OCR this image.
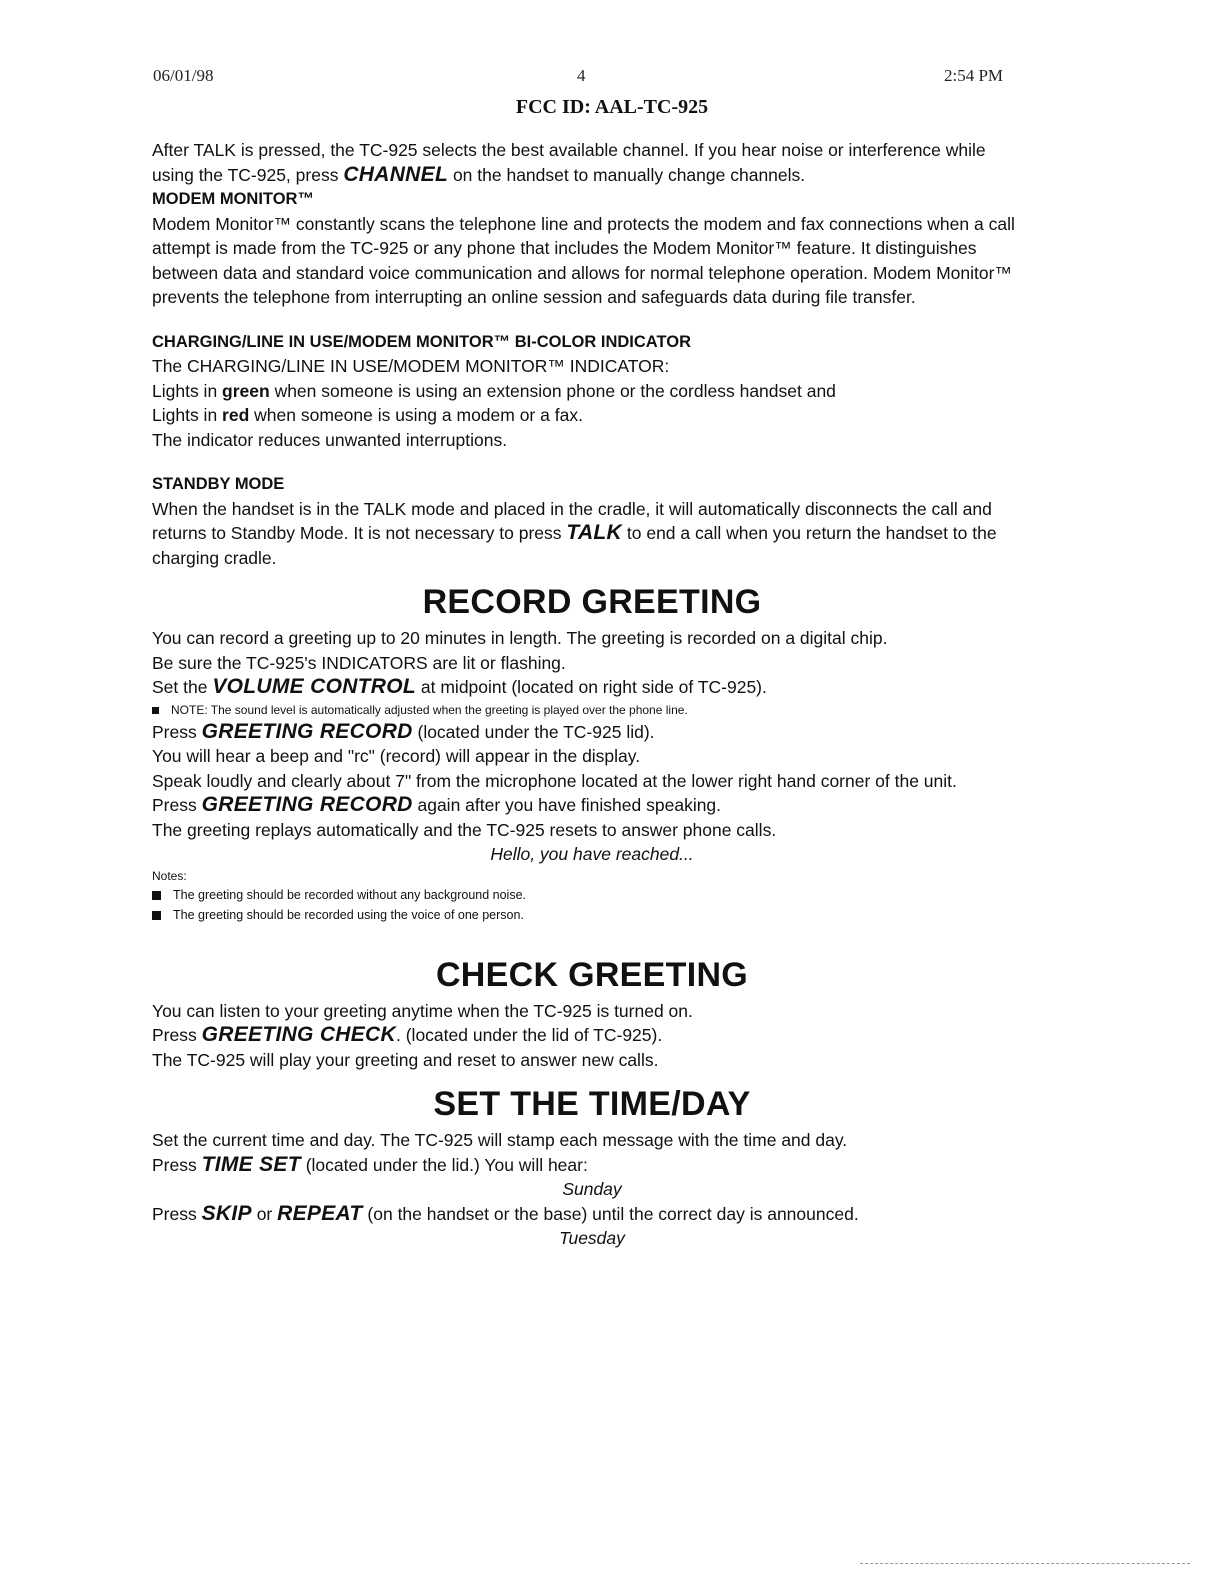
06/01/98	4	2:54 PM
FCC ID: AAL-TC-925

After TALK is pressed, the TC-925 selects the best available channel. If you hear noise or interference while using the TC-925, press CHANNEL on the handset to manually change channels.

MODEM MONITOR™

Modem Monitor™ constantly scans the telephone line and protects the modem and fax connections when a call attempt is made from the TC-925 or any phone that includes the Modem Monitor™ feature. It distinguishes between data and standard voice communication and allows for normal telephone operation. Modem Monitor™ prevents the telephone from interrupting an online session and safeguards data during file transfer.

CHARGING/LINE IN USE/MODEM MONITOR™ BI-COLOR INDICATOR

The CHARGING/LINE IN USE/MODEM MONITOR™ INDICATOR:

Lights in green when someone is using an extension phone or the cordless handset and

Lights in red when someone is using a modem or a fax.

The indicator reduces unwanted interruptions.

STANDBY MODE

When the handset is in the TALK mode and placed in the cradle, it will automatically disconnects the call and returns to Standby Mode. It is not necessary to press TALK to end a call when you return the handset to the charging cradle.

RECORD GREETING

You can record a greeting up to 20 minutes in length. The greeting is recorded on a digital chip.

Be sure the TC-925's INDICATORS are lit or flashing.

Set the VOLUME CONTROL at midpoint (located on right side of TC-925).

NOTE: The sound level is automatically adjusted when the greeting is played over the phone line.

Press GREETING RECORD (located under the TC-925 lid).

You will hear a beep and "rc" (record) will appear in the display.

Speak loudly and clearly about 7" from the microphone located at the lower right hand corner of the unit.

Press GREETING RECORD again after you have finished speaking.

The greeting replays automatically and the TC-925 resets to answer phone calls.

Hello, you have reached...

Notes:

The greeting should be recorded without any background noise.

The greeting should be recorded using the voice of one person.

CHECK GREETING

You can listen to your greeting anytime when the TC-925 is turned on.

Press GREETING CHECK. (located under the lid of TC-925).

The TC-925 will play your greeting and reset to answer new calls.

SET THE TIME/DAY

Set the current time and day. The TC-925 will stamp each message with the time and day.

Press TIME SET (located under the lid.) You will hear:

Sunday

Press SKIP or REPEAT (on the handset or the base) until the correct day is announced.

Tuesday
